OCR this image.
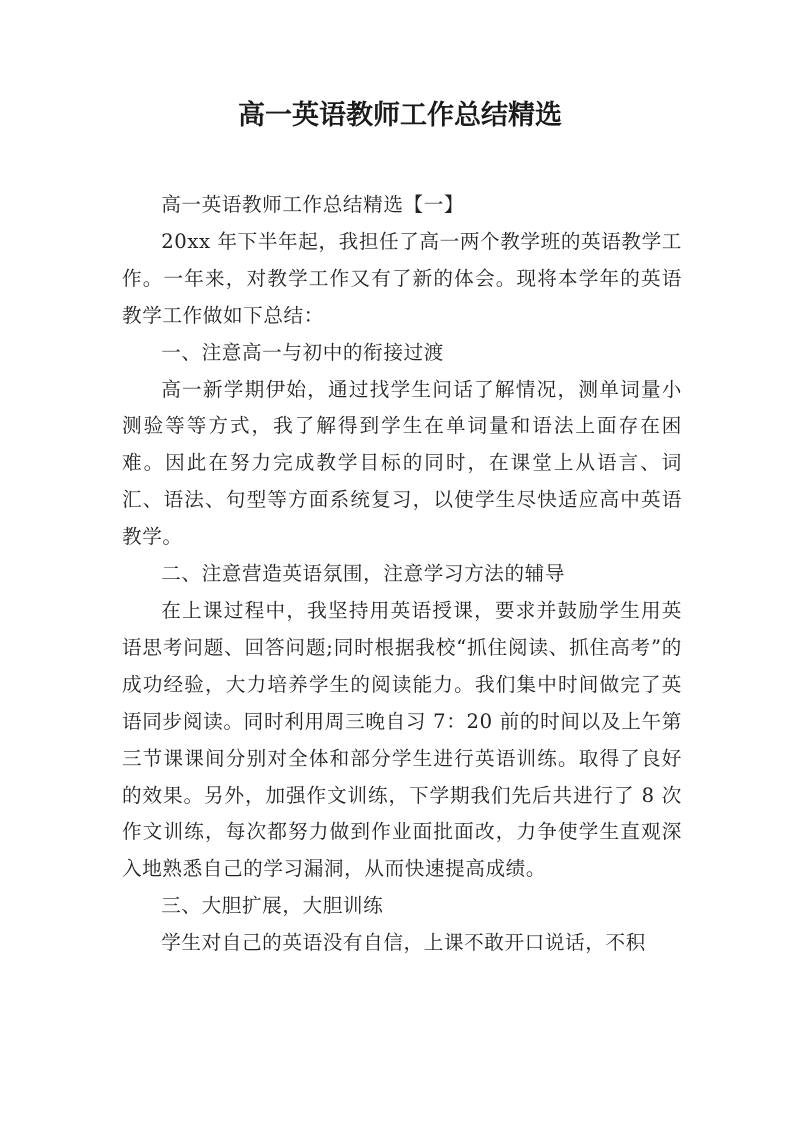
高一英语教师工作总结精选

高一英语教师工作总结精选【一】

20xx 年下半年起，我担任了高一两个教学班的英语教学工作。一年来，对教学工作又有了新的体会。现将本学年的英语教学工作做如下总结：

一、注意高一与初中的衔接过渡

高一新学期伊始，通过找学生问话了解情况，测单词量小测验等等方式，我了解得到学生在单词量和语法上面存在困难。因此在努力完成教学目标的同时，在课堂上从语言、词汇、语法、句型等方面系统复习，以使学生尽快适应高中英语教学。

二、注意营造英语氛围，注意学习方法的辅导

在上课过程中，我坚持用英语授课，要求并鼓励学生用英语思考问题、回答问题;同时根据我校“抓住阅读、抓住高考”的成功经验，大力培养学生的阅读能力。我们集中时间做完了英语同步阅读。同时利用周三晚自习 7：20 前的时间以及上午第三节课课间分别对全体和部分学生进行英语训练。取得了良好的效果。另外，加强作文训练，下学期我们先后共进行了 8 次作文训练，每次都努力做到作业面批面改，力争使学生直观深入地熟悉自己的学习漏洞，从而快速提高成绩。

三、大胆扩展，大胆训练

学生对自己的英语没有自信，上课不敢开口说话，不积
